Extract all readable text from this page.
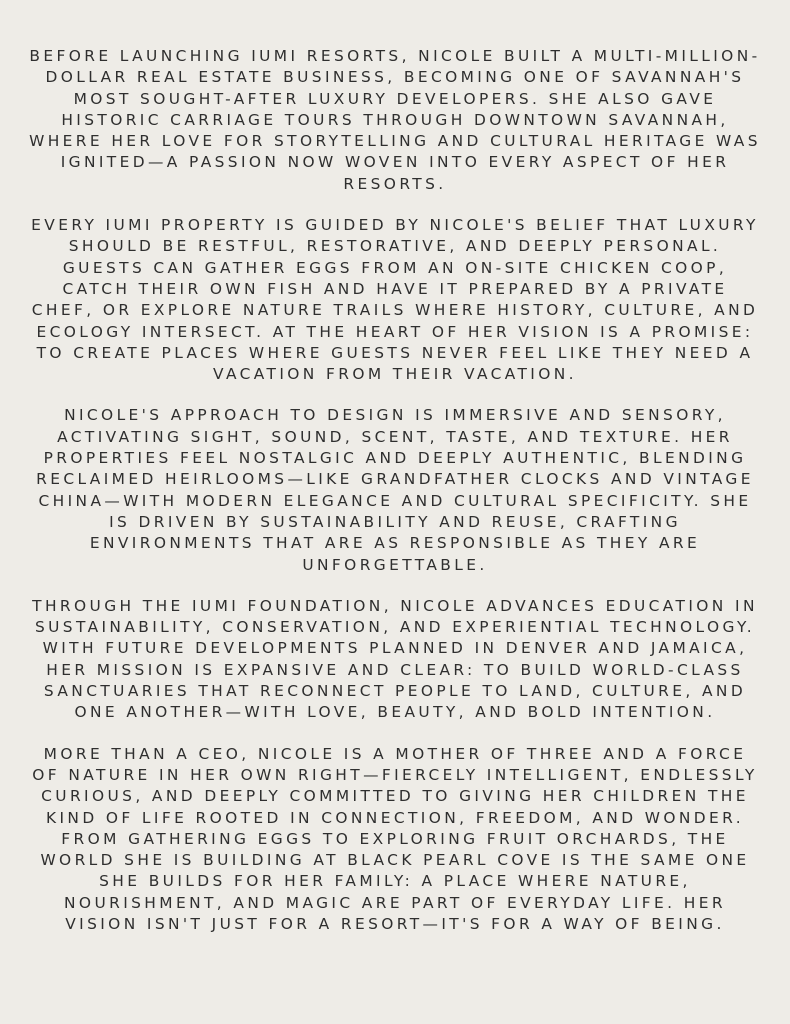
BEFORE LAUNCHING IUMI RESORTS, NICOLE BUILT A MULTI-MILLION-DOLLAR REAL ESTATE BUSINESS, BECOMING ONE OF SAVANNAH'S MOST SOUGHT-AFTER LUXURY DEVELOPERS. SHE ALSO GAVE HISTORIC CARRIAGE TOURS THROUGH DOWNTOWN SAVANNAH, WHERE HER LOVE FOR STORYTELLING AND CULTURAL HERITAGE WAS IGNITED—A PASSION NOW WOVEN INTO EVERY ASPECT OF HER RESORTS.

EVERY IUMI PROPERTY IS GUIDED BY NICOLE'S BELIEF THAT LUXURY SHOULD BE RESTFUL, RESTORATIVE, AND DEEPLY PERSONAL. GUESTS CAN GATHER EGGS FROM AN ON-SITE CHICKEN COOP, CATCH THEIR OWN FISH AND HAVE IT PREPARED BY A PRIVATE CHEF, OR EXPLORE NATURE TRAILS WHERE HISTORY, CULTURE, AND ECOLOGY INTERSECT. AT THE HEART OF HER VISION IS A PROMISE: TO CREATE PLACES WHERE GUESTS NEVER FEEL LIKE THEY NEED A VACATION FROM THEIR VACATION.

NICOLE'S APPROACH TO DESIGN IS IMMERSIVE AND SENSORY, ACTIVATING SIGHT, SOUND, SCENT, TASTE, AND TEXTURE. HER PROPERTIES FEEL NOSTALGIC AND DEEPLY AUTHENTIC, BLENDING RECLAIMED HEIRLOOMS—LIKE GRANDFATHER CLOCKS AND VINTAGE CHINA—WITH MODERN ELEGANCE AND CULTURAL SPECIFICITY. SHE IS DRIVEN BY SUSTAINABILITY AND REUSE, CRAFTING ENVIRONMENTS THAT ARE AS RESPONSIBLE AS THEY ARE UNFORGETTABLE.

THROUGH THE IUMI FOUNDATION, NICOLE ADVANCES EDUCATION IN SUSTAINABILITY, CONSERVATION, AND EXPERIENTIAL TECHNOLOGY. WITH FUTURE DEVELOPMENTS PLANNED IN DENVER AND JAMAICA, HER MISSION IS EXPANSIVE AND CLEAR: TO BUILD WORLD-CLASS SANCTUARIES THAT RECONNECT PEOPLE TO LAND, CULTURE, AND ONE ANOTHER—WITH LOVE, BEAUTY, AND BOLD INTENTION.

MORE THAN A CEO, NICOLE IS A MOTHER OF THREE AND A FORCE OF NATURE IN HER OWN RIGHT—FIERCELY INTELLIGENT, ENDLESSLY CURIOUS, AND DEEPLY COMMITTED TO GIVING HER CHILDREN THE KIND OF LIFE ROOTED IN CONNECTION, FREEDOM, AND WONDER. FROM GATHERING EGGS TO EXPLORING FRUIT ORCHARDS, THE WORLD SHE IS BUILDING AT BLACK PEARL COVE IS THE SAME ONE SHE BUILDS FOR HER FAMILY: A PLACE WHERE NATURE, NOURISHMENT, AND MAGIC ARE PART OF EVERYDAY LIFE. HER VISION ISN'T JUST FOR A RESORT—IT'S FOR A WAY OF BEING.
